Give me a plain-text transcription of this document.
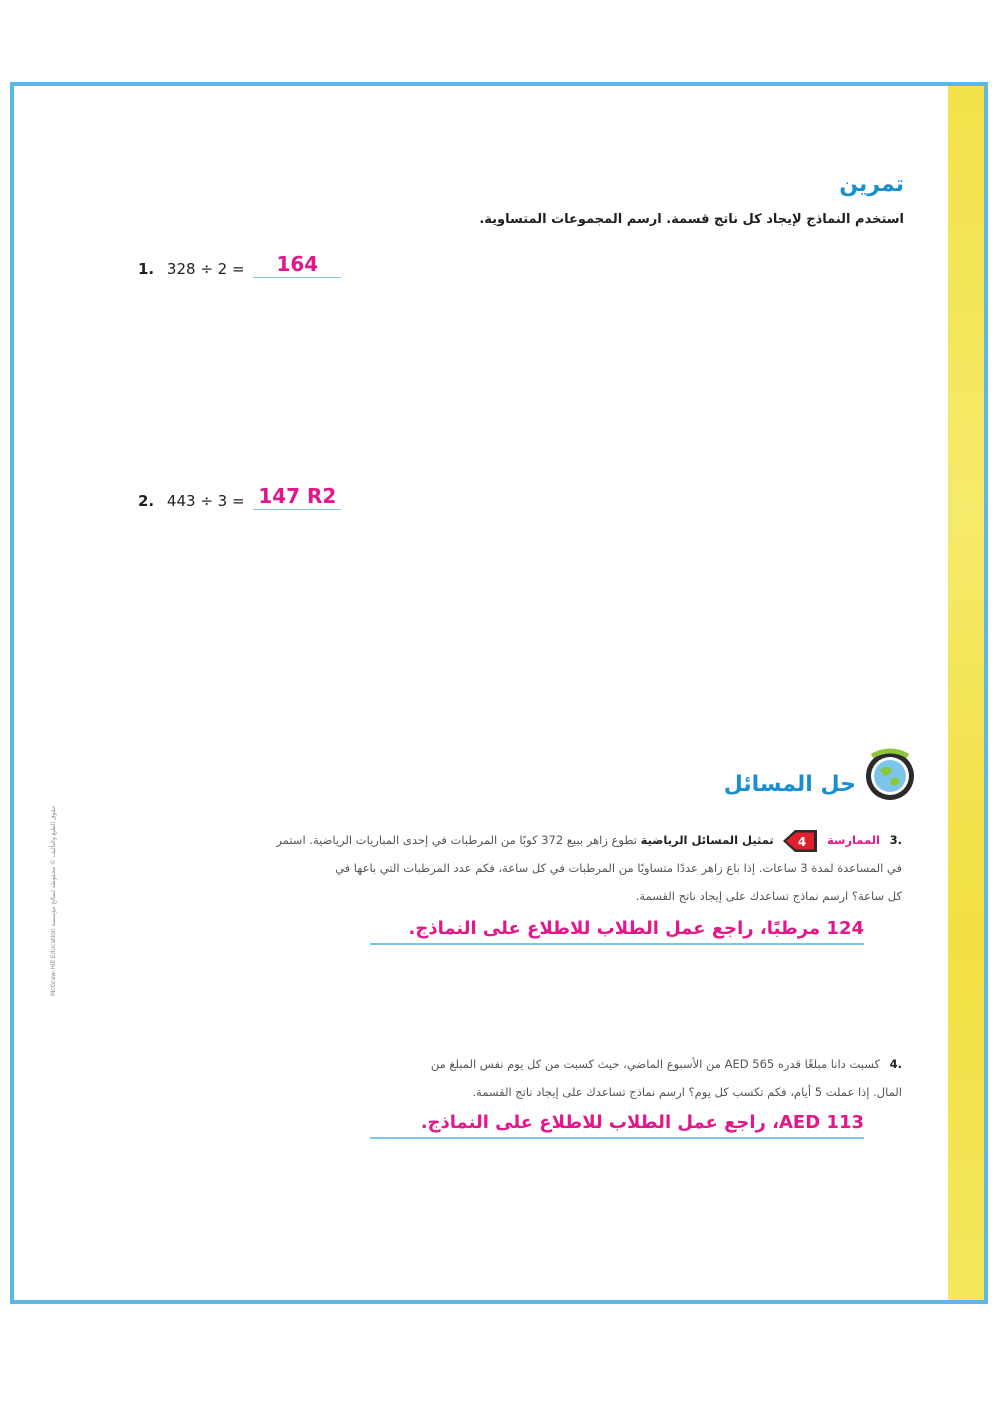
تمرين
استخدم النماذج لإيجاد كل ناتج قسمة. ارسم المجموعات المتساوية.
1. 328 ÷ 2 =	164
2. 443 ÷ 3 = 147 R2
حل المسائل
.3 الممارسة
4
تمثيل المسائل الرياضية تطوع زاهر ببيع 372 كوبًا من المرطبات في إحدى المباريات الرياضية. استمر
في المساعدة لمدة 3 ساعات. إذا باع زاهر عددًا متساويًا من المرطبات في كل ساعة، فكم عدد المرطبات التي باعها في
كل ساعة؟ ارسم نماذج تساعدك على إيجاد ناتج القسمة.
124 مرطبًا، راجع عمل الطلاب للاطلاع على النماذج.
.4 كسبت دانا مبلغًا قدره AED 565 من الأسبوع الماضي، حيث كسبت من كل يوم نفس المبلغ من
المال. إذا عملت 5 أيام، فكم تكسب كل يوم؟ ارسم نماذج تساعدك على إيجاد ناتج القسمة.
AED 113، راجع عمل الطلاب للاطلاع على النماذج.
McGraw-Hill Education حقوق الطبع والتأليف © محفوظة لصالح مؤسسة
